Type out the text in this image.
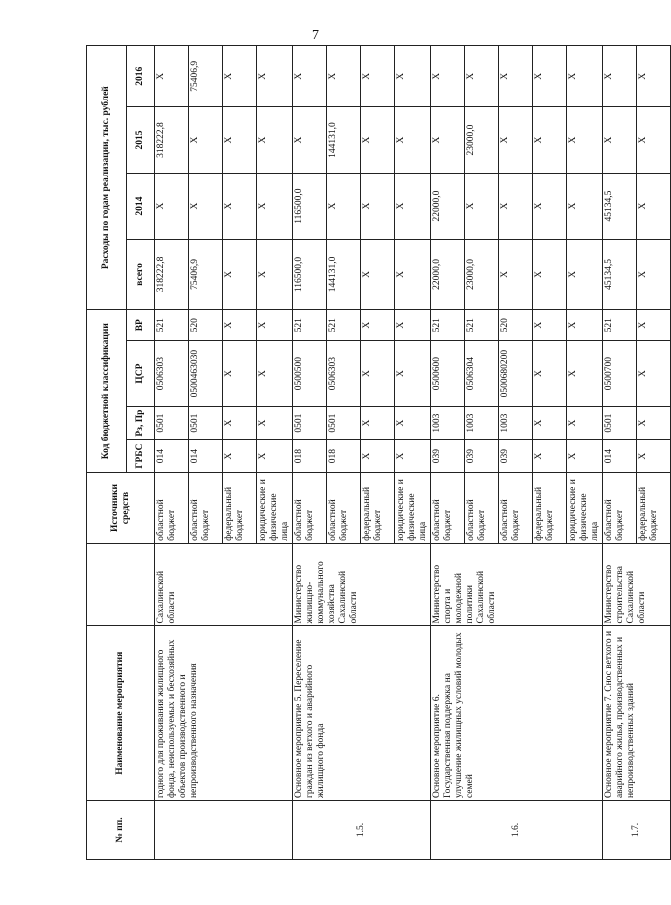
7
№ пп.	Наименование мероприятия		Источники средств	Код бюджетной классификации				Расходы по годам реализации, тыс. рублей			
				ГРБС	Рз, Пр	ЦСР	ВР	всего	2014	2015	2016
	годного для проживания жилищного фонда, неиспользуемых и бесхозяйных объектов производственного и непроизводственного назначения	Сахалинской области	областной бюджет	014	0501	0506303	521	318222,8	Х	318222,8	Х
			областной бюджет	014	0501	0500463030	520	75406,9	Х	Х	75406,9
			федеральный бюджет	Х	Х	Х	Х	Х	Х	Х	Х
			юридические и физические лица	Х	Х	Х	Х	Х	Х	Х	Х
1.5.	Основное мероприятие 5. Переселение граждан из ветхого и аварийного жилищного фонда	Министерство жилищно-коммунального хозяйства Сахалинской области	областной бюджет	018	0501	0500500	521	116500,0	116500,0	Х	Х
			областной бюджет	018	0501	0506303	521	144131,0	Х	144131,0	Х
			федеральный бюджет	Х	Х	Х	Х	Х	Х	Х	Х
			юридические и физические лица	Х	Х	Х	Х	Х	Х	Х	Х
1.6.	Основное мероприятие 6. Государственная поддержка на улучшение жилищных условий молодых семей	Министерство спорта и молодежной политики Сахалинской области	областной бюджет	039	1003	0500600	521	22000,0	22000,0	Х	Х
			областной бюджет	039	1003	0506304	521	23000,0	Х	23000,0	Х
			областной бюджет	039	1003	0500680200	520	Х	Х	Х	Х
			федеральный бюджет	Х	Х	Х	Х	Х	Х	Х	Х
			юридические и физические лица	Х	Х	Х	Х	Х	Х	Х	Х
1.7.	Основное мероприятие 7. Снос ветхого и аварийного жилья, производственных и непроизводственных зданий	Министерство строительства Сахалинской области	областной бюджет	014	0501	0500700	521	45134,5	45134,5	Х	Х
			федеральный бюджет	Х	Х	Х	Х	Х	Х	Х	Х
